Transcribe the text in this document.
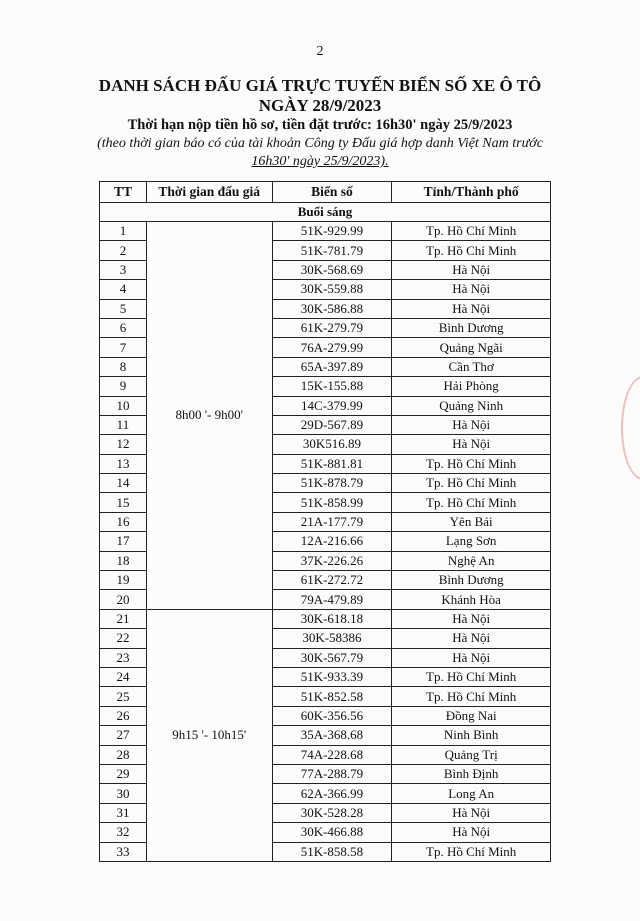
2
DANH SÁCH ĐẤU GIÁ TRỰC TUYẾN BIỂN SỐ XE Ô TÔ
NGÀY 28/9/2023
Thời hạn nộp tiền hồ sơ, tiền đặt trước: 16h30' ngày 25/9/2023
(theo thời gian báo có của tài khoản Công ty Đấu giá hợp danh Việt Nam trước
16h30' ngày 25/9/2023).
TT	Thời gian đấu giá	Biển số	Tỉnh/Thành phố
Buổi sáng			
1	8h00 '- 9h00'	51K-929.99	Tp. Hồ Chí Minh
2		51K-781.79	Tp. Hồ Chí Minh
3		30K-568.69	Hà Nội
4		30K-559.88	Hà Nội
5		30K-586.88	Hà Nội
6		61K-279.79	Bình Dương
7		76A-279.99	Quảng Ngãi
8		65A-397.89	Cần Thơ
9		15K-155.88	Hải Phòng
10		14C-379.99	Quảng Ninh
11		29D-567.89	Hà Nội
12		30K516.89	Hà Nội
13		51K-881.81	Tp. Hồ Chí Minh
14		51K-878.79	Tp. Hồ Chí Minh
15		51K-858.99	Tp. Hồ Chí Minh
16		21A-177.79	Yên Bái
17		12A-216.66	Lạng Sơn
18		37K-226.26	Nghệ An
19		61K-272.72	Bình Dương
20		79A-479.89	Khánh Hòa
21	9h15 '- 10h15'	30K-618.18	Hà Nội
22		30K-58386	Hà Nội
23		30K-567.79	Hà Nội
24		51K-933.39	Tp. Hồ Chí Minh
25		51K-852.58	Tp. Hồ Chí Minh
26		60K-356.56	Đồng Nai
27		35A-368.68	Ninh Bình
28		74A-228.68	Quảng Trị
29		77A-288.79	Bình Định
30		62A-366.99	Long An
31		30K-528.28	Hà Nội
32		30K-466.88	Hà Nội
33		51K-858.58	Tp. Hồ Chí Minh
